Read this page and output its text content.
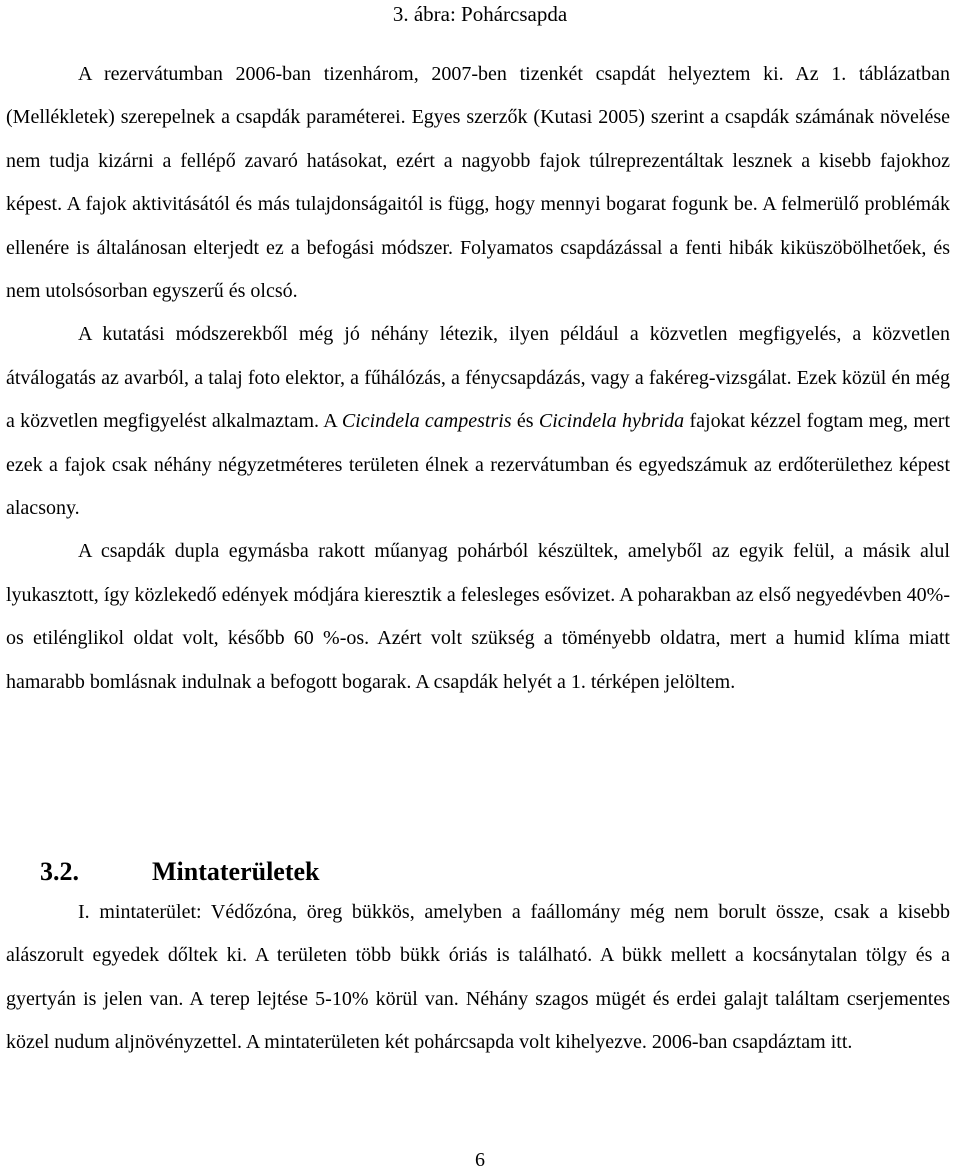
3. ábra: Pohárcsapda

A rezervátumban 2006-ban tizenhárom, 2007-ben tizenkét csapdát helyeztem ki. Az 1. táblázatban (Mellékletek) szerepelnek a csapdák paraméterei. Egyes szerzők (Kutasi 2005) szerint a csapdák számának növelése nem tudja kizárni a fellépő zavaró hatásokat, ezért a nagyobb fajok túlreprezentáltak lesznek a kisebb fajokhoz képest. A fajok aktivitásától és más tulajdonságaitól is függ, hogy mennyi bogarat fogunk be. A felmerülő problémák ellenére is általánosan elterjedt ez a befogási módszer. Folyamatos csapdázással a fenti hibák kiküszöbölhetőek, és nem utolsósorban egyszerű és olcsó.

A kutatási módszerekből még jó néhány létezik, ilyen például a közvetlen megfigyelés, a közvetlen átválogatás az avarból, a talaj foto elektor, a fűhálózás, a fénycsapdázás, vagy a fakéreg-vizsgálat. Ezek közül én még a közvetlen megfigyelést alkalmaztam. A Cicindela campestris és Cicindela hybrida fajokat kézzel fogtam meg, mert ezek a fajok csak néhány négyzetméteres területen élnek a rezervátumban és egyedszámuk az erdőterülethez képest alacsony.

A csapdák dupla egymásba rakott műanyag pohárból készültek, amelyből az egyik felül, a másik alul lyukasztott, így közlekedő edények módjára kieresztik a felesleges esővizet. A poharakban az első negyedévben 40%-os etilénglikol oldat volt, később 60 %-os. Azért volt szükség a töményebb oldatra, mert a humid klíma miatt hamarabb bomlásnak indulnak a befogott bogarak. A csapdák helyét a 1. térképen jelöltem.

3.2.	Mintaterületek

I. mintaterület: Védőzóna, öreg bükkös, amelyben a faállomány még nem borult össze, csak a kisebb alászorult egyedek dőltek ki. A területen több bükk óriás is található. A bükk mellett a kocsánytalan tölgy és a gyertyán is jelen van. A terep lejtése 5-10% körül van. Néhány szagos mügét és erdei galajt találtam cserjementes közel nudum aljnövényzettel. A mintaterületen két pohárcsapda volt kihelyezve. 2006-ban csapdáztam itt.

6
